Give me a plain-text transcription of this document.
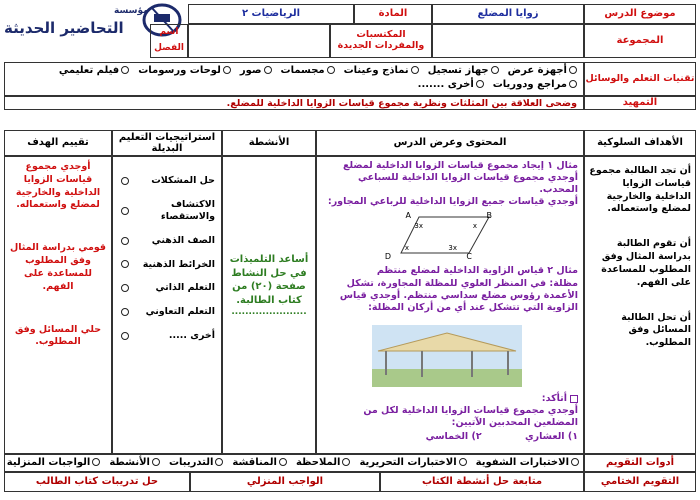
مؤسسة
التحاضير الحديثة
موضوع الدرس
زوايا المضلع
المادة
الرياضيات ٢
المجموعة
المكتسبات والمفردات الجديدة
اسم
الفصل
تقنيات التعلم والوسائل
أجهزة عرضجهاز تسجيلنماذج وعيناتمجسماتصورلوحات ورسوماتفيلم تعليمي
مراجع ودورياتأخرى .......
التمهيد
وضحى العلاقة بين المثلثات ونظرية مجموع قياسات الزوايا الداخلية للمضلع.
الأهداف السلوكية
المحتوى وعرض الدرس
الأنشطة
استراتيجيات التعليم البديلة
تقييم الهدف
أن تجد الطالبة مجموع قياسات الزوايا الداخلية والخارجية لمضلع واستعماله.
أن تقوم الطالبة بدراسة المثال وفق المطلوب للمساعدة على الفهم.
أن تحل الطالبة المسائل وفق المطلوب.
مثال ١ إيجاد مجموع قياسات الزوايا الداخلية لمضلع
أوجدي مجموع قياسات الزوايا الداخلية للسباعي المحدب.
أوجدي قياسات جميع الزوايا الداخلية للرباعي المجاور:
A	B
C
D
3x	x
3x
x
مثال ٢ قياس الزاوية الداخلية لمضلع منتظم
مظلة: في المنظر العلوي للمظلة المجاورة، تشكل الأعمدة رؤوس مضلع سداسي منتظم. أوجدي قياس الزاوية التي تتشكل عند أي من أركان المظلة:
أتأكد:
أوجدي مجموع قياسات الزوايا الداخلية لكل من المضلعين المحدبين الآتيين:
١) العشاري ٢) الخماسي
أساعد التلميذات في حل النشاط صفحة (٢٠) من كتاب الطالبة.
......................
حل المشكلات
الاكتشاف والاستقصاء
الصف الذهني
الخرائط الذهنية
التعلم الذاتي
التعلم التعاوني
أخرى .....
أوجدي مجموع قياسات الزوايا الداخلية والخارجية لمضلع واستعماله.
قومي بدراسة المثال وفق المطلوب للمساعدة على الفهم.
حلي المسائل وفق المطلوب.
أدوات التقويم
الاختبارات الشفويةالاختبارات التحريريةالملاحظةالمناقشةالتدريباتالأنشطةالواجبات المنزلية
التقويم الختامي
متابعة حل أنشطة الكتاب
الواجب المنزلي
حل تدريبات كتاب الطالب
